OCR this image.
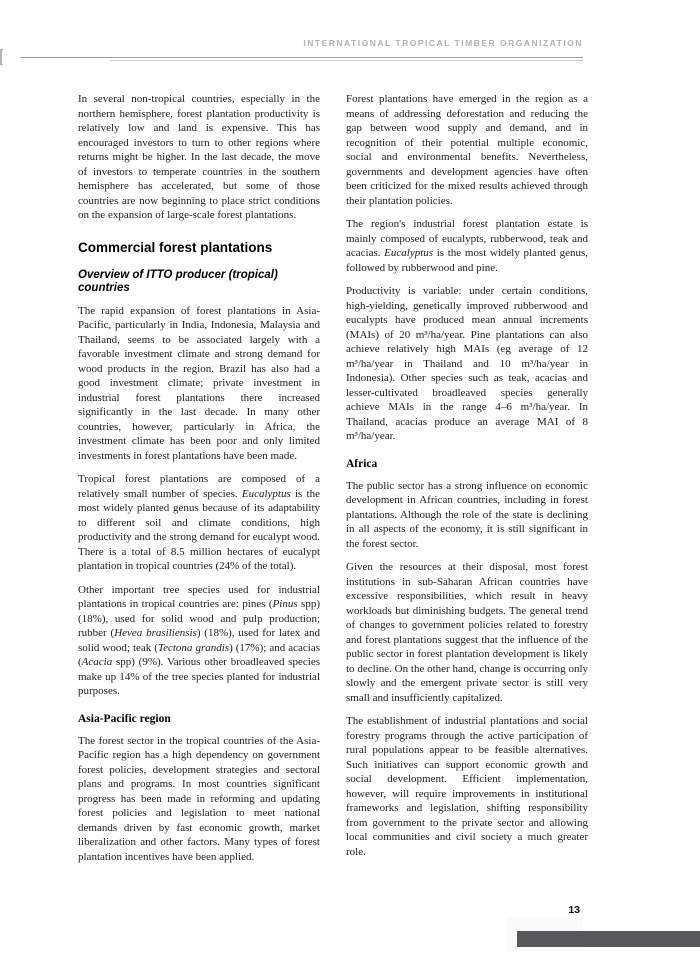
INTERNATIONAL TROPICAL TIMBER ORGANIZATION

In several non-tropical countries, especially in the northern hemisphere, forest plantation productivity is relatively low and land is expensive. This has encouraged investors to turn to other regions where returns might be higher. In the last decade, the move of investors to temperate countries in the southern hemisphere has accelerated, but some of those countries are now beginning to place strict conditions on the expansion of large-scale forest plantations.

Commercial forest plantations
Overview of ITTO producer (tropical) countries

The rapid expansion of forest plantations in Asia-Pacific, particularly in India, Indonesia, Malaysia and Thailand, seems to be associated largely with a favorable investment climate and strong demand for wood products in the region. Brazil has also had a good investment climate; private investment in industrial forest plantations there increased significantly in the last decade. In many other countries, however, particularly in Africa, the investment climate has been poor and only limited investments in forest plantations have been made.

Tropical forest plantations are composed of a relatively small number of species. Eucalyptus is the most widely planted genus because of its adaptability to different soil and climate conditions, high productivity and the strong demand for eucalypt wood. There is a total of 8.5 million hectares of eucalypt plantation in tropical countries (24% of the total).

Other important tree species used for industrial plantations in tropical countries are: pines (Pinus spp) (18%), used for solid wood and pulp production; rubber (Hevea brasiliensis) (18%), used for latex and solid wood; teak (Tectona grandis) (17%); and acacias (Acacia spp) (9%). Various other broadleaved species make up 14% of the tree species planted for industrial purposes.

Asia-Pacific region

The forest sector in the tropical countries of the Asia-Pacific region has a high dependency on government forest policies, development strategies and sectoral plans and programs. In most countries significant progress has been made in reforming and updating forest policies and legislation to meet national demands driven by fast economic growth, market liberalization and other factors. Many types of forest plantation incentives have been applied.

Forest plantations have emerged in the region as a means of addressing deforestation and reducing the gap between wood supply and demand, and in recognition of their potential multiple economic, social and environmental benefits. Nevertheless, governments and development agencies have often been criticized for the mixed results achieved through their plantation policies.

The region's industrial forest plantation estate is mainly composed of eucalypts, rubberwood, teak and acacias. Eucalyptus is the most widely planted genus, followed by rubberwood and pine.

Productivity is variable: under certain conditions, high-yielding, genetically improved rubberwood and eucalypts have produced mean annual increments (MAIs) of 20 m³/ha/year. Pine plantations can also achieve relatively high MAIs (eg average of 12 m³/ha/year in Thailand and 10 m³/ha/year in Indonesia). Other species such as teak, acacias and lesser-cultivated broadleaved species generally achieve MAIs in the range 4–6 m³/ha/year. In Thailand, acacias produce an average MAI of 8 m³/ha/year.

Africa

The public sector has a strong influence on economic development in African countries, including in forest plantations. Although the role of the state is declining in all aspects of the economy, it is still significant in the forest sector.

Given the resources at their disposal, most forest institutions in sub-Saharan African countries have excessive responsibilities, which result in heavy workloads but diminishing budgets. The general trend of changes to government policies related to forestry and forest plantations suggest that the influence of the public sector in forest plantation development is likely to decline. On the other hand, change is occurring only slowly and the emergent private sector is still very small and insufficiently capitalized.

The establishment of industrial plantations and social forestry programs through the active participation of rural populations appear to be feasible alternatives. Such initiatives can support economic growth and social development. Efficient implementation, however, will require improvements in institutional frameworks and legislation, shifting responsibility from government to the private sector and allowing local communities and civil society a much greater role.

13
